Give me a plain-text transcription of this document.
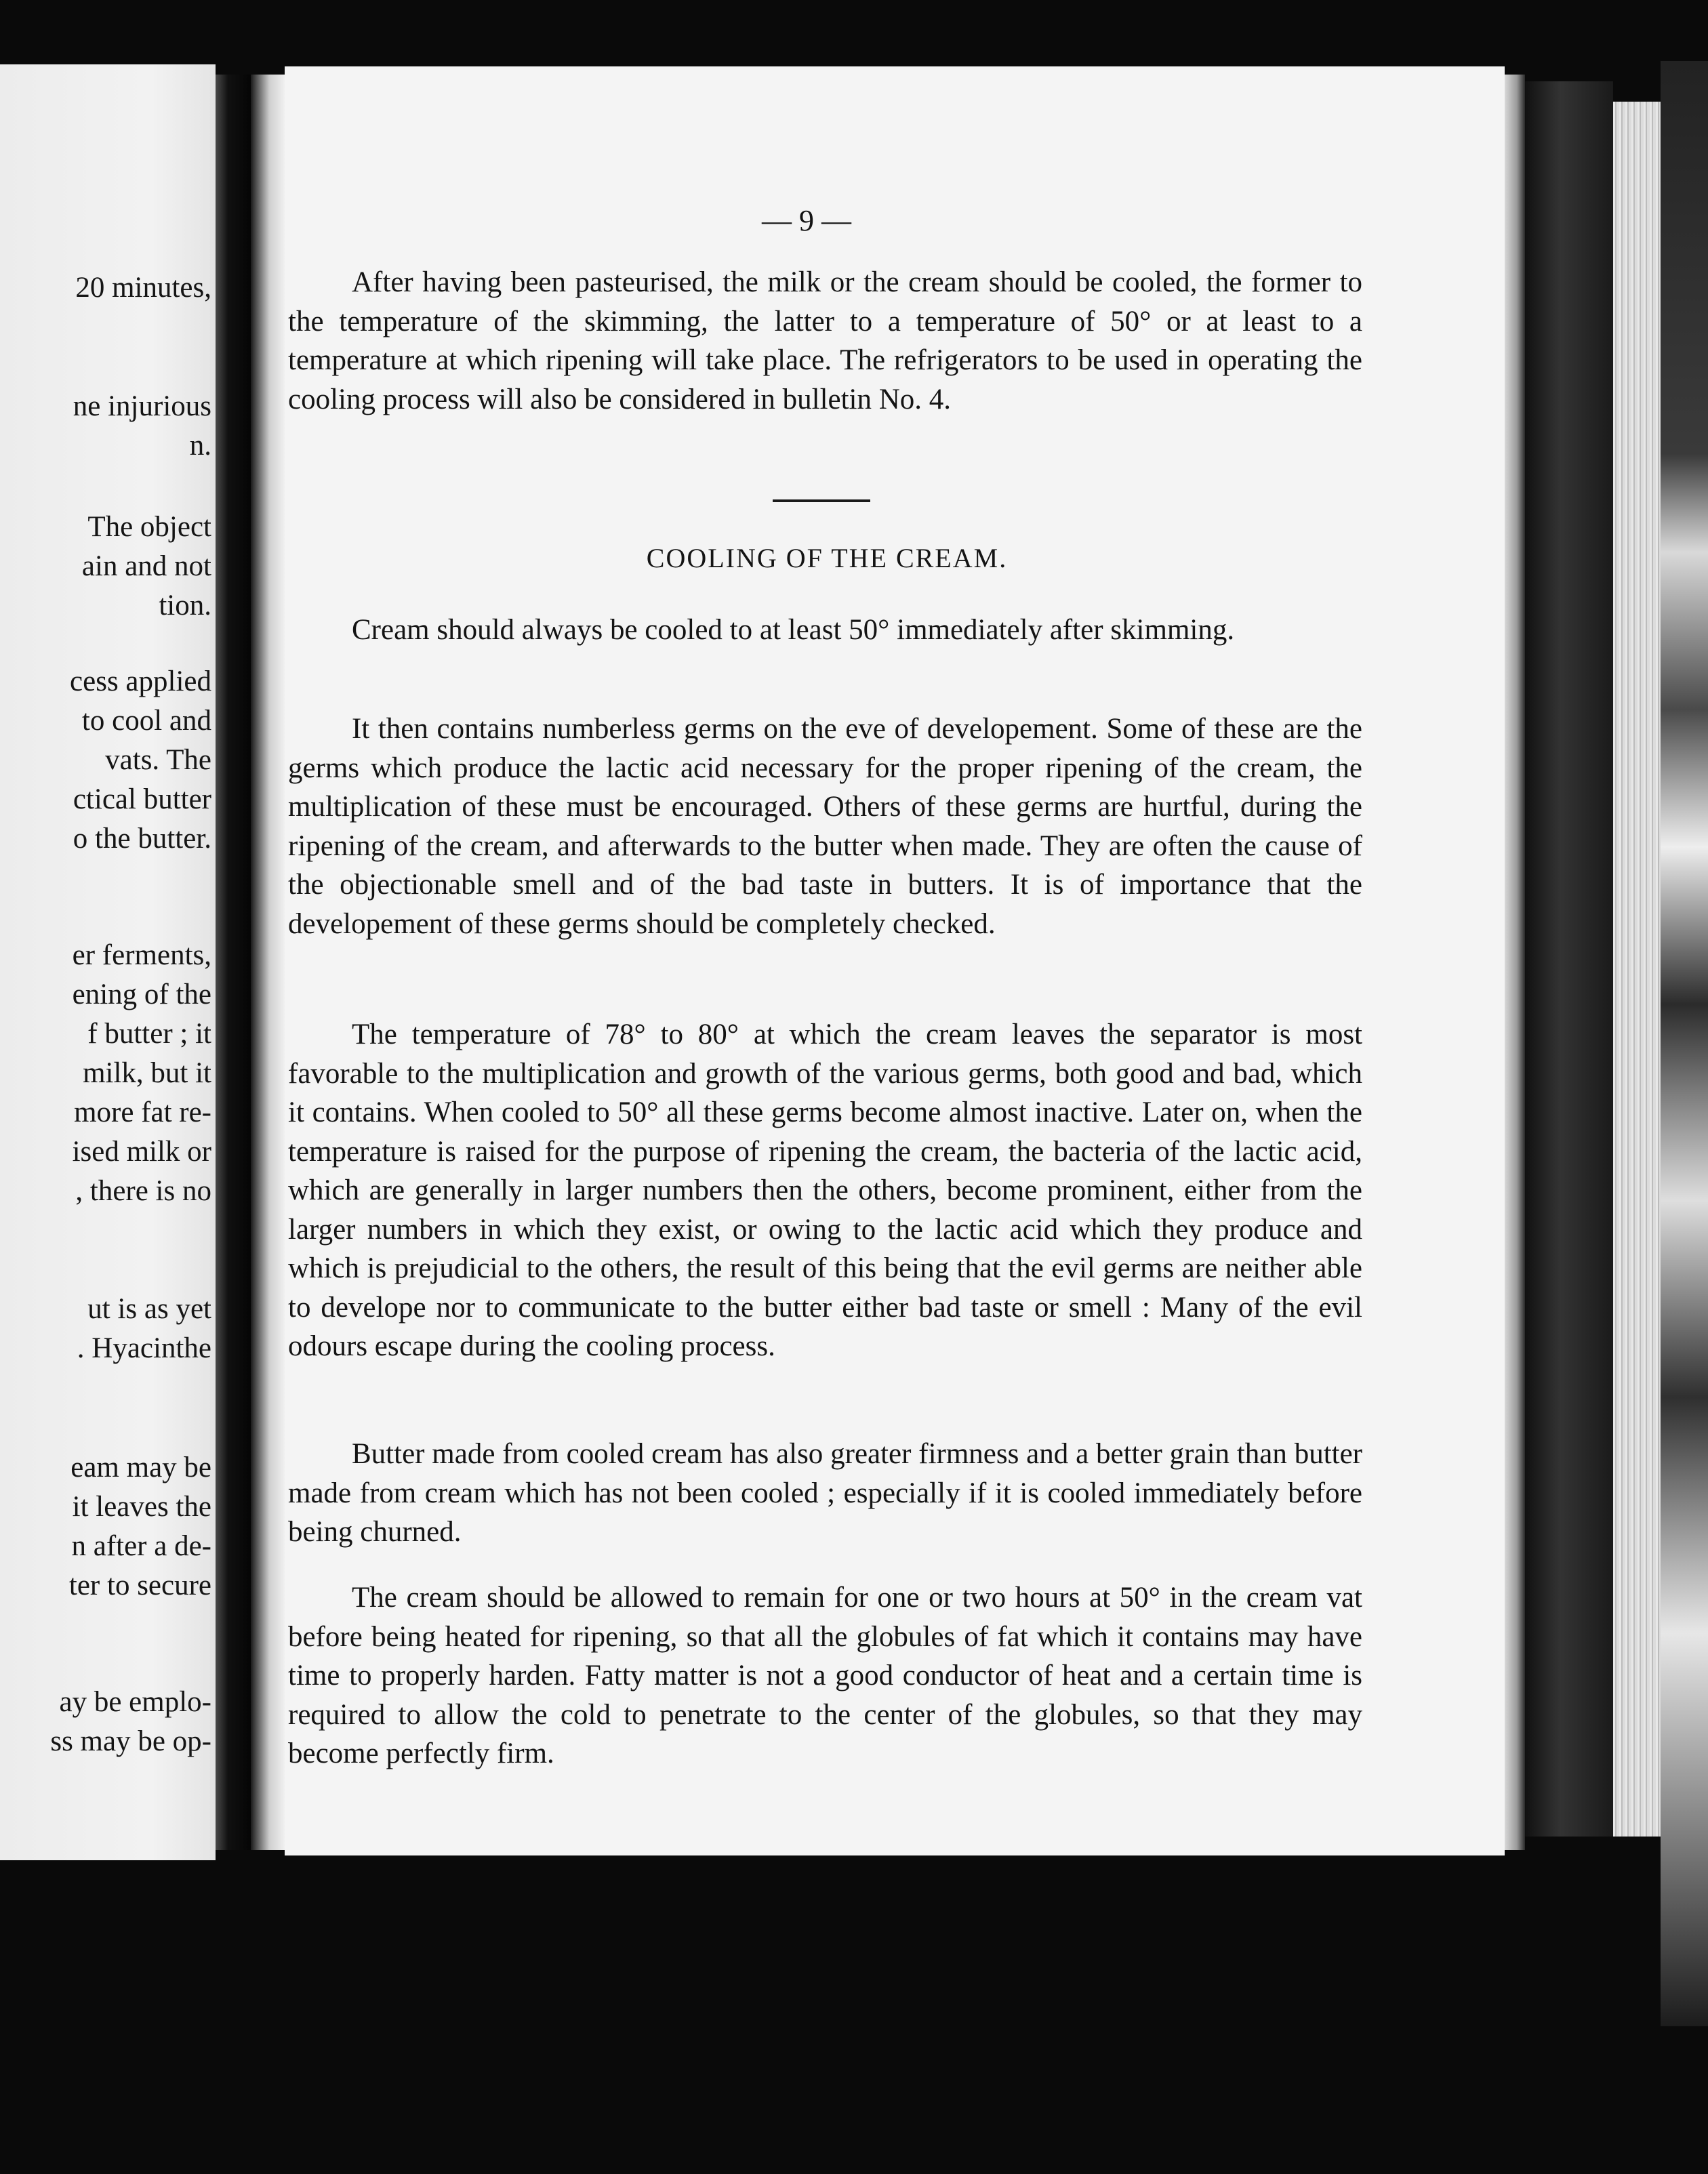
20 minutes,
ne injurious
n.
The object
ain and not
tion.
cess applied
to cool and
vats. The
ctical butter
o the butter.
er ferments,
ening of the
f butter ; it
milk, but it
more fat re-
ised milk or
, there is no
ut is as yet
. Hyacinthe
eam may be
it leaves the
n after a de-
ter to secure
ay be emplo-
ss may be op-
— 9 —
After having been pasteurised, the milk or the cream should be cooled, the former to the temperature of the skimming, the latter to a temperature of 50° or at least to a temperature at which ripening will take place. The refrigerators to be used in operating the cooling process will also be considered in bulletin No. 4.
COOLING OF THE CREAM.
Cream should always be cooled to at least 50° immediately after skimming.
It then contains numberless germs on the eve of developement. Some of these are the germs which produce the lactic acid necessary for the proper ripening of the cream, the multiplication of these must be encouraged. Others of these germs are hurtful, during the ripening of the cream, and afterwards to the butter when made. They are often the cause of the objectionable smell and of the bad taste in butters. It is of importance that the developement of these germs should be completely checked.
The temperature of 78° to 80° at which the cream leaves the separator is most favorable to the multiplication and growth of the various germs, both good and bad, which it contains. When cooled to 50° all these germs become almost inactive. Later on, when the temperature is raised for the purpose of ripening the cream, the bacteria of the lactic acid, which are generally in larger numbers then the others, become prominent, either from the larger numbers in which they exist, or owing to the lactic acid which they produce and which is prejudicial to the others, the result of this being that the evil germs are neither able to develope nor to communicate to the butter either bad taste or smell : Many of the evil odours escape during the cooling process.
Butter made from cooled cream has also greater firmness and a better grain than butter made from cream which has not been cooled ; especially if it is cooled immediately before being churned.
The cream should be allowed to remain for one or two hours at 50° in the cream vat before being heated for ripening, so that all the globules of fat which it contains may have time to properly harden. Fatty matter is not a good conductor of heat and a certain time is required to allow the cold to penetrate to the center of the globules, so that they may become perfectly firm.
